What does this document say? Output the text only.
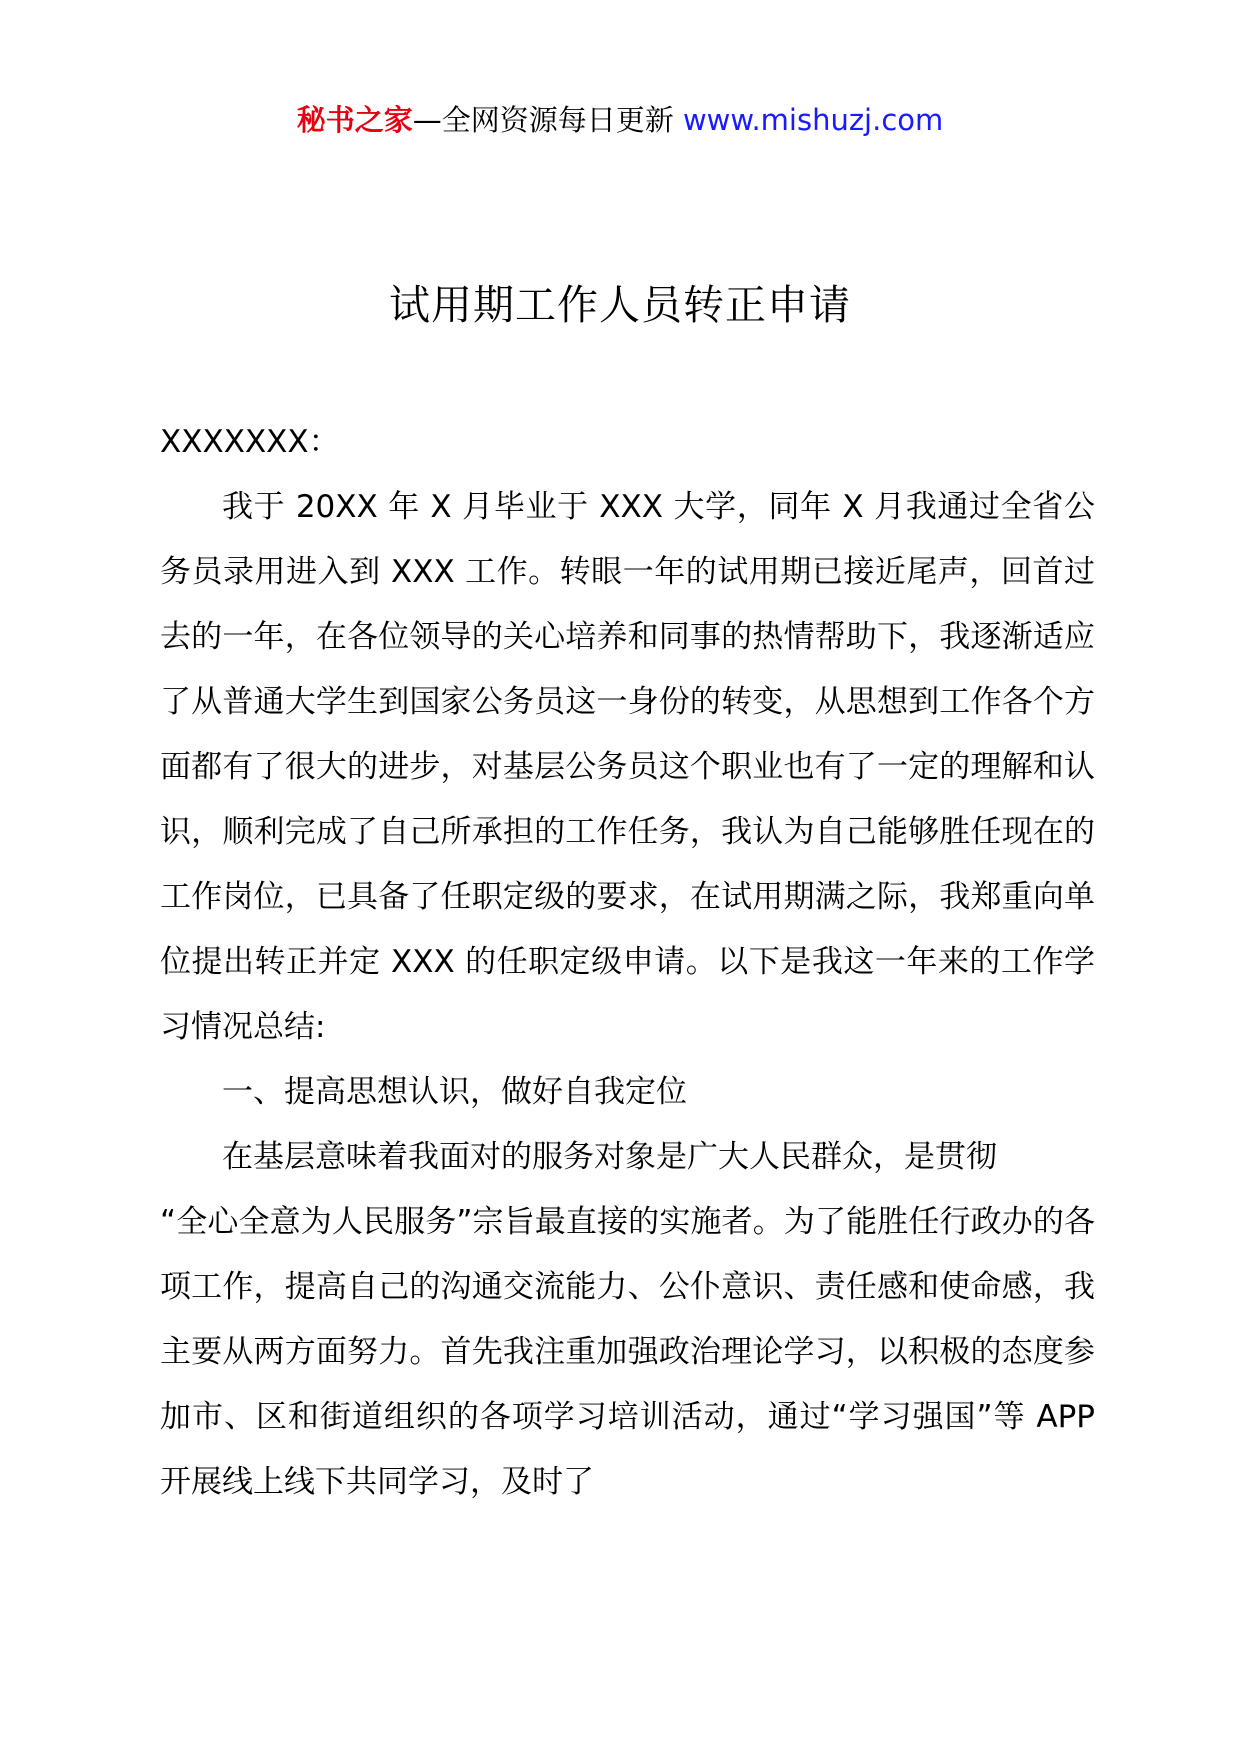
秘书之家—全网资源每日更新 www.mishuzj.com
试用期工作人员转正申请

XXXXXXX：

我于 20XX 年 X 月毕业于 XXX 大学，同年 X 月我通过全省公务员录用进入到 XXX 工作。转眼一年的试用期已接近尾声，回首过去的一年，在各位领导的关心培养和同事的热情帮助下，我逐渐适应了从普通大学生到国家公务员这一身份的转变，从思想到工作各个方面都有了很大的进步，对基层公务员这个职业也有了一定的理解和认识，顺利完成了自己所承担的工作任务，我认为自己能够胜任现在的工作岗位，已具备了任职定级的要求，在试用期满之际，我郑重向单位提出转正并定 XXX 的任职定级申请。以下是我这一年来的工作学习情况总结:

一、提高思想认识，做好自我定位

在基层意味着我面对的服务对象是广大人民群众，是贯彻

“全心全意为人民服务”宗旨最直接的实施者。为了能胜任行政办的各项工作，提高自己的沟通交流能力、公仆意识、责任感和使命感，我主要从两方面努力。首先我注重加强政治理论学习，以积极的态度参加市、区和街道组织的各项学习培训活动，通过“学习强国”等 APP 开展线上线下共同学习，及时了
